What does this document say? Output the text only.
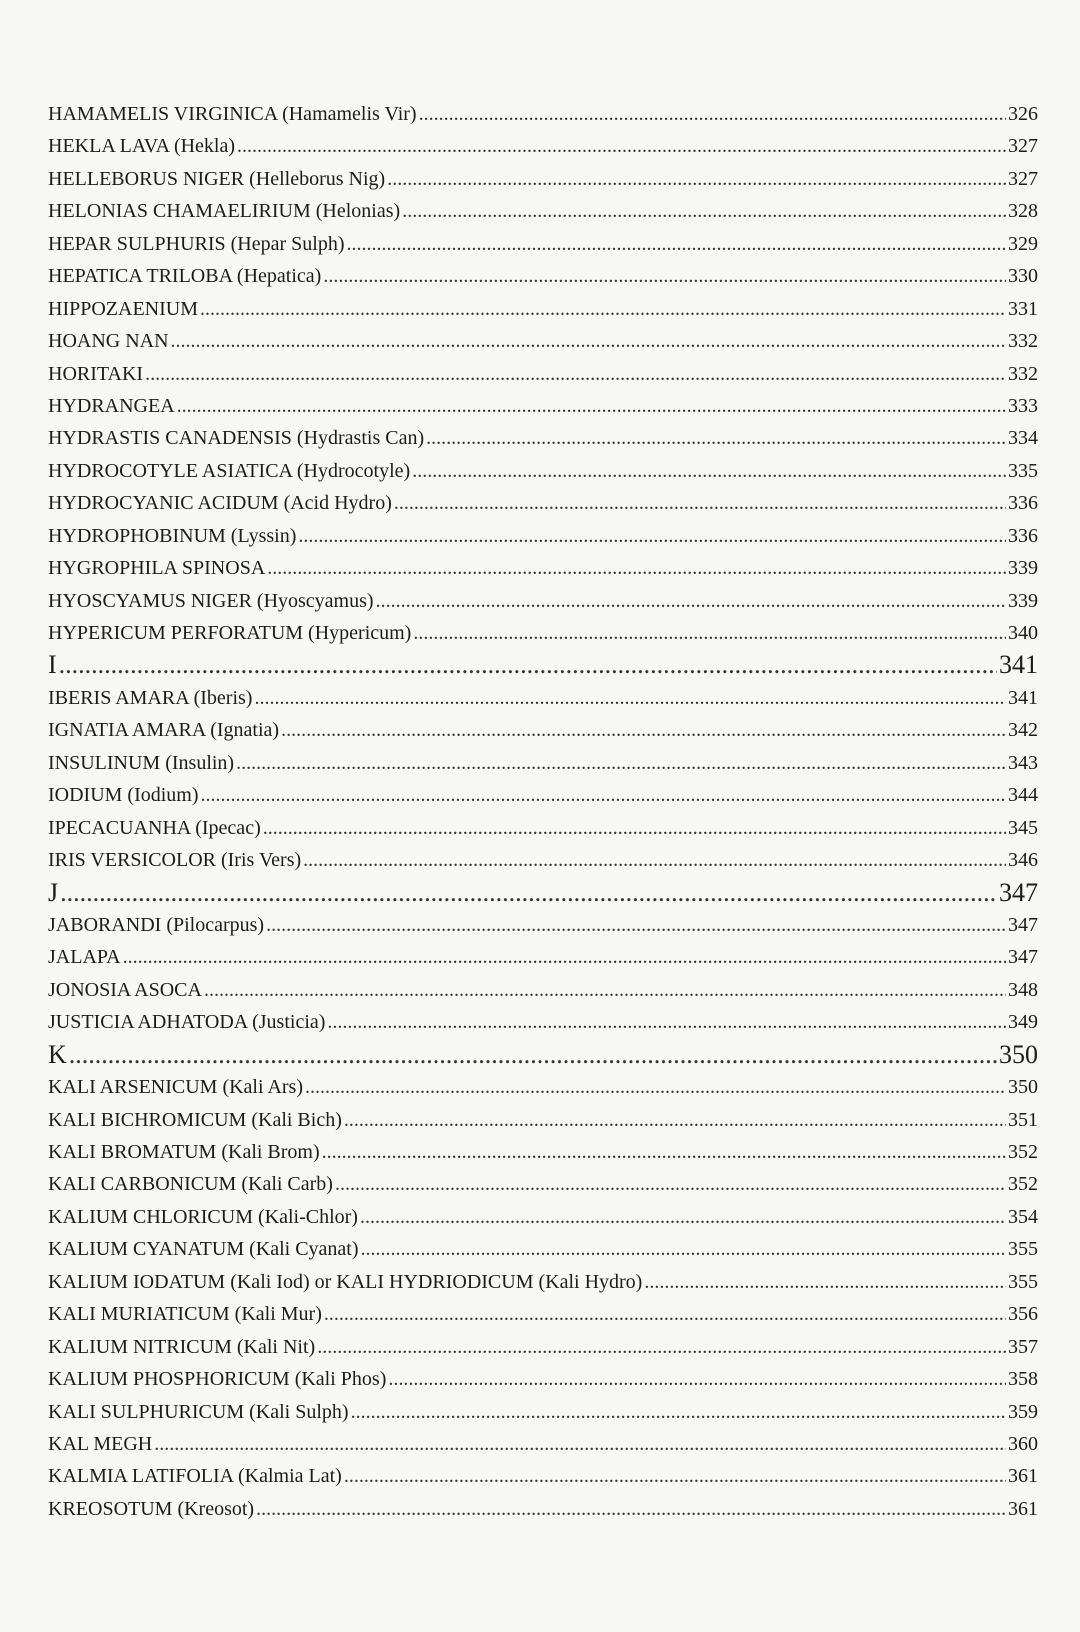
HAMAMELIS VIRGINICA (Hamamelis Vir) .....	326
HEKLA LAVA (Hekla) .....	327
HELLEBORUS NIGER (Helleborus Nig) .....	327
HELONIAS CHAMAELIRIUM (Helonias) .....	328
HEPAR SULPHURIS (Hepar Sulph) .....	329
HEPATICA TRILOBA (Hepatica) .....	330
HIPPOZAENIUM .....	331
HOANG NAN .....	332
HORITAKI .....	332
HYDRANGEA .....	333
HYDRASTIS CANADENSIS (Hydrastis Can) .....	334
HYDROCOTYLE ASIATICA (Hydrocotyle) .....	335
HYDROCYANIC ACIDUM (Acid Hydro) .....	336
HYDROPHOBINUM (Lyssin) .....	336
HYGROPHILA SPINOSA .....	339
HYOSCYAMUS NIGER (Hyoscyamus) .....	339
HYPERICUM PERFORATUM (Hypericum) .....	340
I .....	341
IBERIS AMARA (Iberis) .....	341
IGNATIA AMARA (Ignatia) .....	342
INSULINUM (Insulin) .....	343
IODIUM (Iodium) .....	344
IPECACUANHA (Ipecac) .....	345
IRIS VERSICOLOR (Iris Vers) .....	346
J .....	347
JABORANDI (Pilocarpus) .....	347
JALAPA .....	347
JONOSIA ASOCA .....	348
JUSTICIA ADHATODA (Justicia) .....	349
K .....	350
KALI ARSENICUM (Kali Ars) .....	350
KALI BICHROMICUM (Kali Bich) .....	351
KALI BROMATUM (Kali Brom) .....	352
KALI CARBONICUM (Kali Carb) .....	352
KALIUM CHLORICUM (Kali-Chlor) .....	354
KALIUM CYANATUM (Kali Cyanat) .....	355
KALIUM IODATUM (Kali Iod) or KALI HYDRIODICUM (Kali Hydro) .....	355
KALI MURIATICUM (Kali Mur) .....	356
KALIUM NITRICUM (Kali Nit) .....	357
KALIUM PHOSPHORICUM (Kali Phos) .....	358
KALI SULPHURICUM (Kali Sulph) .....	359
KAL MEGH .....	360
KALMIA LATIFOLIA (Kalmia Lat) .....	361
KREOSOTUM (Kreosot) .....	361
